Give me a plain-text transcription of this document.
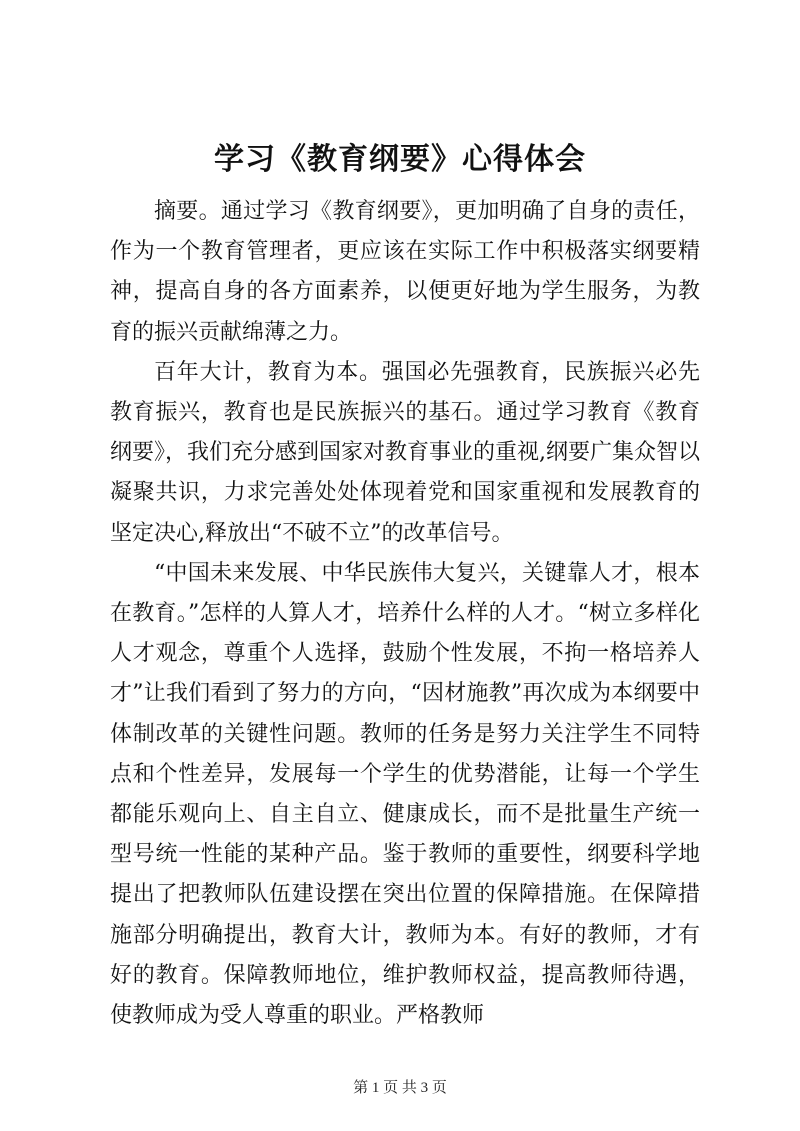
学习《教育纲要》心得体会

摘要。通过学习《教育纲要》，更加明确了自身的责任，作为一个教育管理者，更应该在实际工作中积极落实纲要精神，提高自身的各方面素养，以便更好地为学生服务，为教育的振兴贡献绵薄之力。

百年大计，教育为本。强国必先强教育，民族振兴必先教育振兴，教育也是民族振兴的基石。通过学习教育《教育纲要》，我们充分感到国家对教育事业的重视,纲要广集众智以凝聚共识，力求完善处处体现着党和国家重视和发展教育的坚定决心,释放出“不破不立”的改革信号。

“中国未来发展、中华民族伟大复兴，关键靠人才，根本在教育。”怎样的人算人才，培养什么样的人才。“树立多样化人才观念，尊重个人选择，鼓励个性发展，不拘一格培养人才”让我们看到了努力的方向，“因材施教”再次成为本纲要中体制改革的关键性问题。教师的任务是努力关注学生不同特点和个性差异，发展每一个学生的优势潜能，让每一个学生都能乐观向上、自主自立、健康成长，而不是批量生产统一型号统一性能的某种产品。鉴于教师的重要性，纲要科学地提出了把教师队伍建设摆在突出位置的保障措施。在保障措施部分明确提出，教育大计，教师为本。有好的教师，才有好的教育。保障教师地位，维护教师权益，提高教师待遇，使教师成为受人尊重的职业。严格教师

第 1 页 共 3 页
